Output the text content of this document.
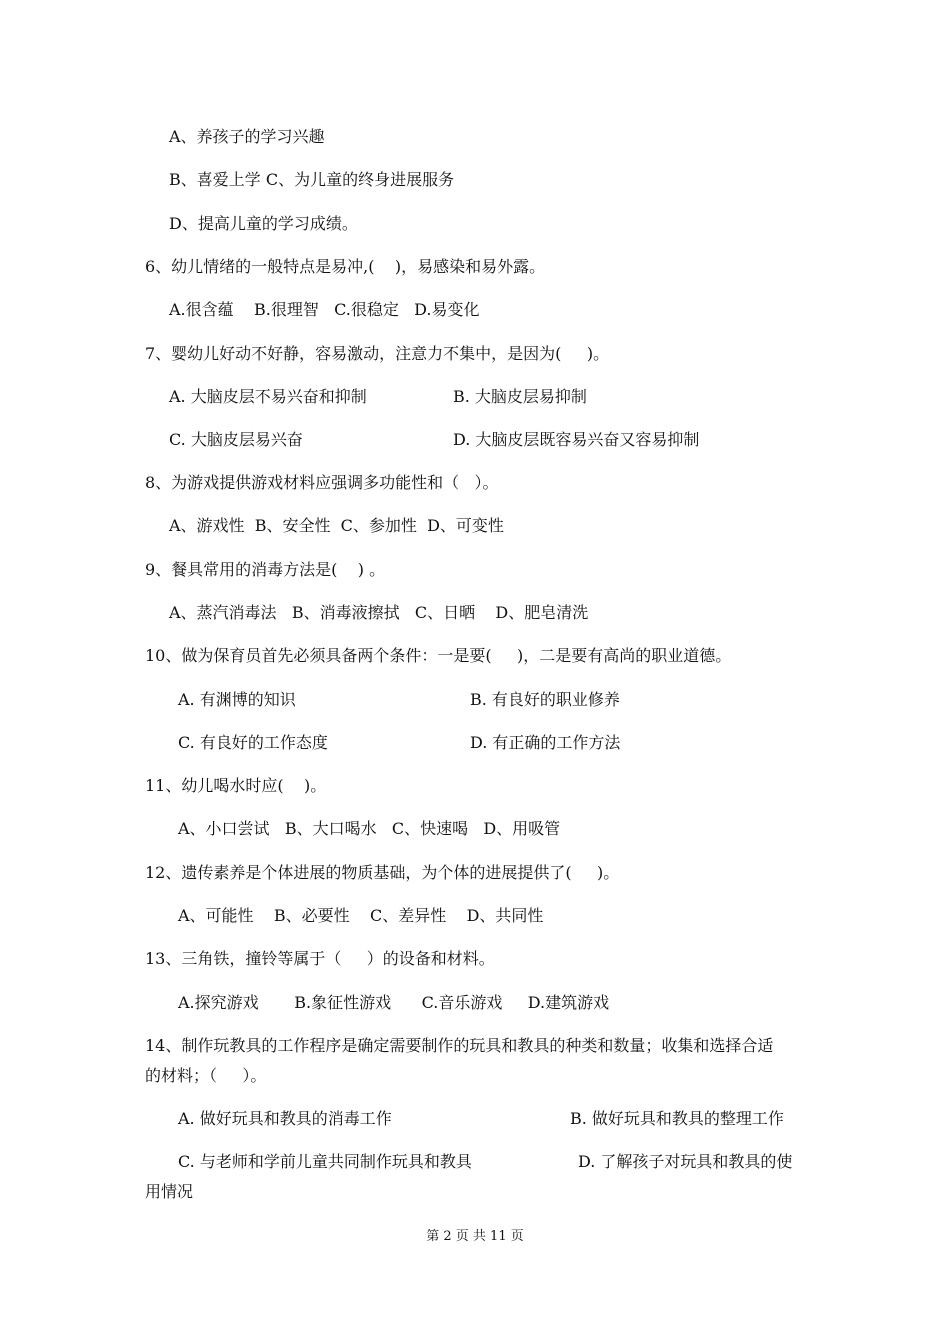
A、养孩子的学习兴趣
B、喜爱上学 C、为儿童的终身进展服务
D、提高儿童的学习成绩。
6、幼儿情绪的一般特点是易冲,(    )，易感染和易外露。
A.很含蕴    B.很理智   C.很稳定   D.易变化
7、婴幼儿好动不好静，容易激动，注意力不集中，是因为(     )。
A. 大脑皮层不易兴奋和抑制	B. 大脑皮层易抑制
C. 大脑皮层易兴奋	D. 大脑皮层既容易兴奋又容易抑制
8、为游戏提供游戏材料应强调多功能性和（   ）。
A、游戏性  B、安全性  C、参加性  D、可变性
9、餐具常用的消毒方法是(    ) 。
A、蒸汽消毒法   B、消毒液擦拭   C、日晒    D、肥皂清洗
10、做为保育员首先必须具备两个条件：一是要(     )，二是要有高尚的职业道德。
A. 有渊博的知识	B. 有良好的职业修养
C. 有良好的工作态度	D. 有正确的工作方法
11、幼儿喝水时应(    )。
A、小口尝试   B、大口喝水   C、快速喝   D、用吸管
12、遗传素养是个体进展的物质基础，为个体的进展提供了(     )。
A、可能性    B、必要性    C、差异性    D、共同性
13、三角铁，撞铃等属于（     ）的设备和材料。
A.探究游戏       B.象征性游戏      C.音乐游戏     D.建筑游戏
14、制作玩教具的工作程序是确定需要制作的玩具和教具的种类和数量；收集和选择合适
的材料；（     ）。
A. 做好玩具和教具的消毒工作	B. 做好玩具和教具的整理工作
C. 与老师和学前儿童共同制作玩具和教具	D. 了解孩子对玩具和教具的使
用情况
第 2 页 共 11 页
